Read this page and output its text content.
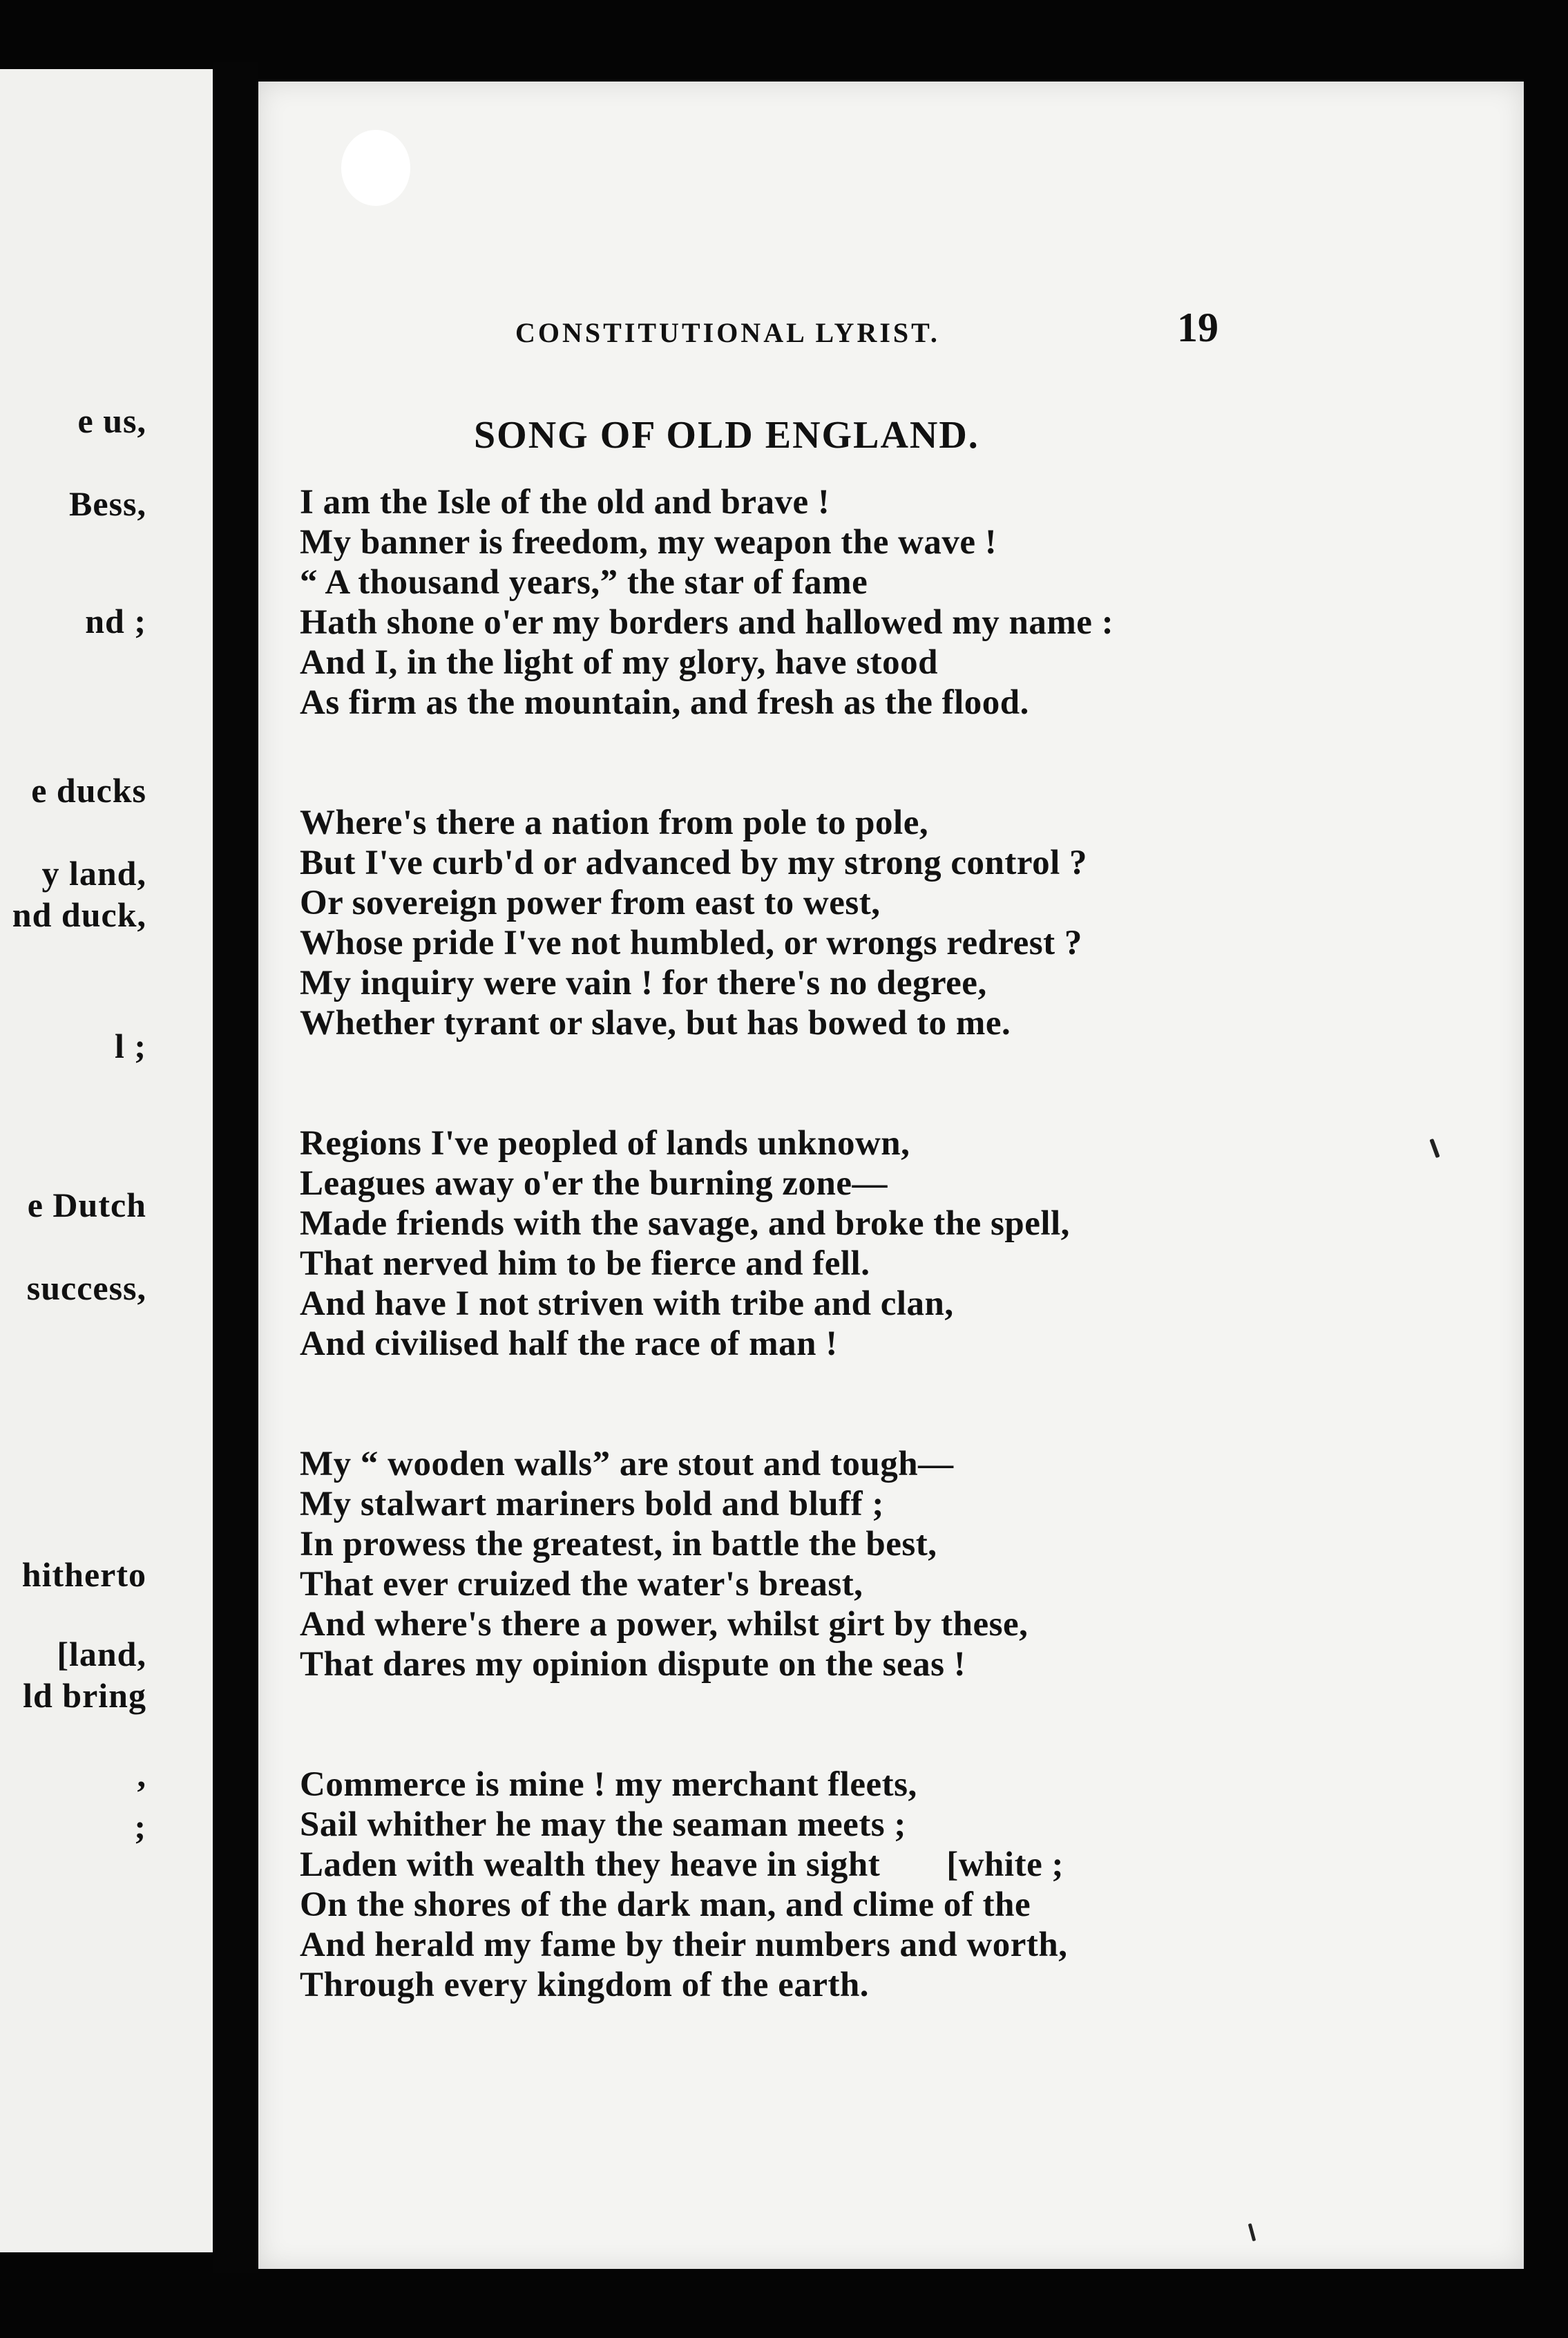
e us,
Bess,
nd ;
e ducks
y land,
nd duck,
l ;
e Dutch
success,
hitherto
[land,
ld bring
,
;
CONSTITUTIONAL LYRIST.	19
SONG OF OLD ENGLAND.
I am the Isle of the old and brave !
My banner is freedom, my weapon the wave !
“ A thousand years,” the star of fame
Hath shone o'er my borders and hallowed my name :
And I, in the light of my glory, have stood
As firm as the mountain, and fresh as the flood.
Where's there a nation from pole to pole,
But I've curb'd or advanced by my strong control ?
Or sovereign power from east to west,
Whose pride I've not humbled, or wrongs redrest ?
My inquiry were vain ! for there's no degree,
Whether tyrant or slave, but has bowed to me.
Regions I've peopled of lands unknown,
Leagues away o'er the burning zone—
Made friends with the savage, and broke the spell,
That nerved him to be fierce and fell.
And have I not striven with tribe and clan,
And civilised half the race of man !
My “ wooden walls” are stout and tough—
My stalwart mariners bold and bluff ;
In prowess the greatest, in battle the best,
That ever cruized the water's breast,
And where's there a power, whilst girt by these,
That dares my opinion dispute on the seas !
Commerce is mine ! my merchant fleets,
Sail whither he may the seaman meets ;
Laden with wealth they heave in sight [white ;
On the shores of the dark man, and clime of the
And herald my fame by their numbers and worth,
Through every kingdom of the earth.
